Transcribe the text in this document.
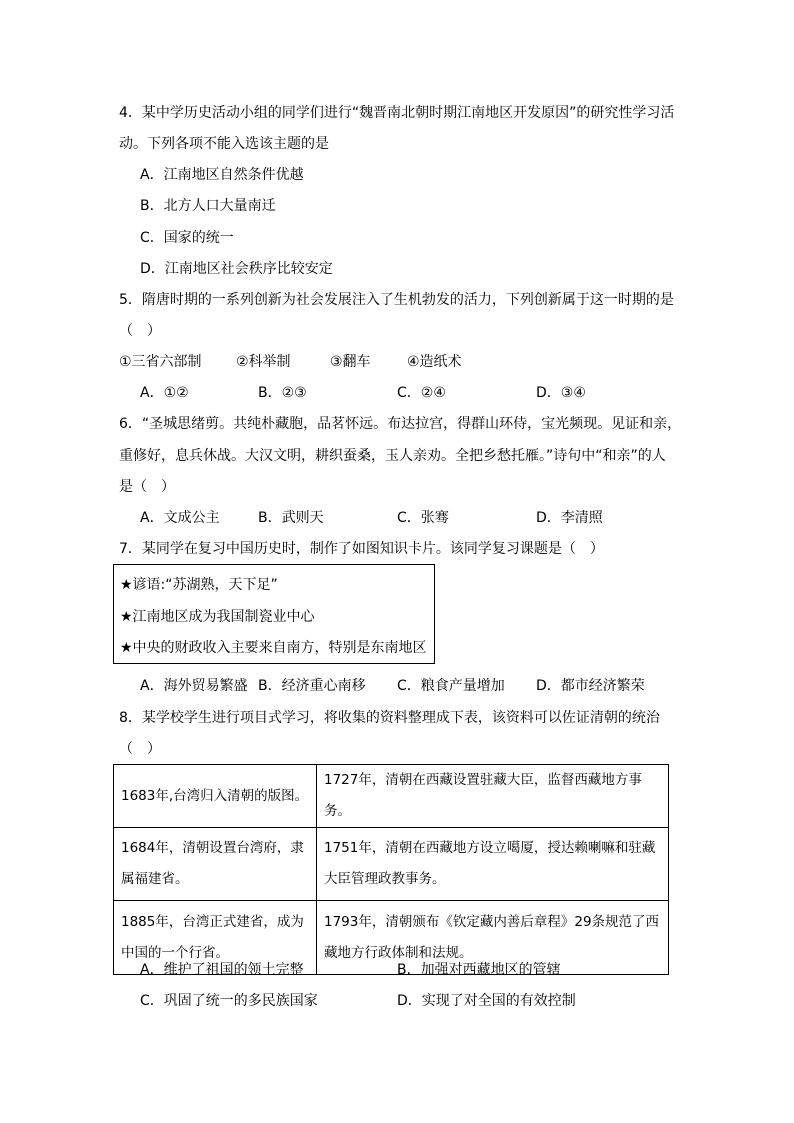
4．某中学历史活动小组的同学们进行“魏晋南北朝时期江南地区开发原因”的研究性学习活
动。下列各项不能入选该主题的是
A．江南地区自然条件优越
B．北方人口大量南迁
C．国家的统一
D．江南地区社会秩序比较安定
5．隋唐时期的一系列创新为社会发展注入了生机勃发的活力，下列创新属于这一时期的是
（　）
①三省六部制 ②科举制	③翻车	④造纸术
A．①②	B．②③	C．②④	D．③④
6．“圣城思绪剪。共纯朴藏胞，品茗怀远。布达拉宫，得群山环侍，宝光频现。见证和亲，
重修好，息兵休战。大汉文明，耕织蚕桑，玉人亲劝。全把乡愁托雁。”诗句中“和亲”的人
是（　）
A．文成公主	B．武则天	C．张骞	D．李清照
7．某同学在复习中国历史时，制作了如图知识卡片。该同学复习课题是（　）
★谚语:“苏湖熟，天下足”
★江南地区成为我国制瓷业中心
★中央的财政收入主要来自南方，特别是东南地区
A．海外贸易繁盛 B．经济重心南移 C．粮食产量增加 D．都市经济繁荣
8．某学校学生进行项目式学习，将收集的资料整理成下表，该资料可以佐证清朝的统治
（　）
1683年,台湾归入清朝的版图。	1727年，清朝在西藏设置驻藏大臣，监督西藏地方事务。
1684年，清朝设置台湾府，隶属福建省。	1751年，清朝在西藏地方设立噶厦，授达赖喇嘛和驻藏大臣管理政教事务。
1885年，台湾正式建省，成为中国的一个行省。	1793年，清朝颁布《钦定藏内善后章程》29条规范了西藏地方行政体制和法规。
A．维护了祖国的领土完整	B．加强对西藏地区的管辖
C．巩固了统一的多民族国家	D．实现了对全国的有效控制
